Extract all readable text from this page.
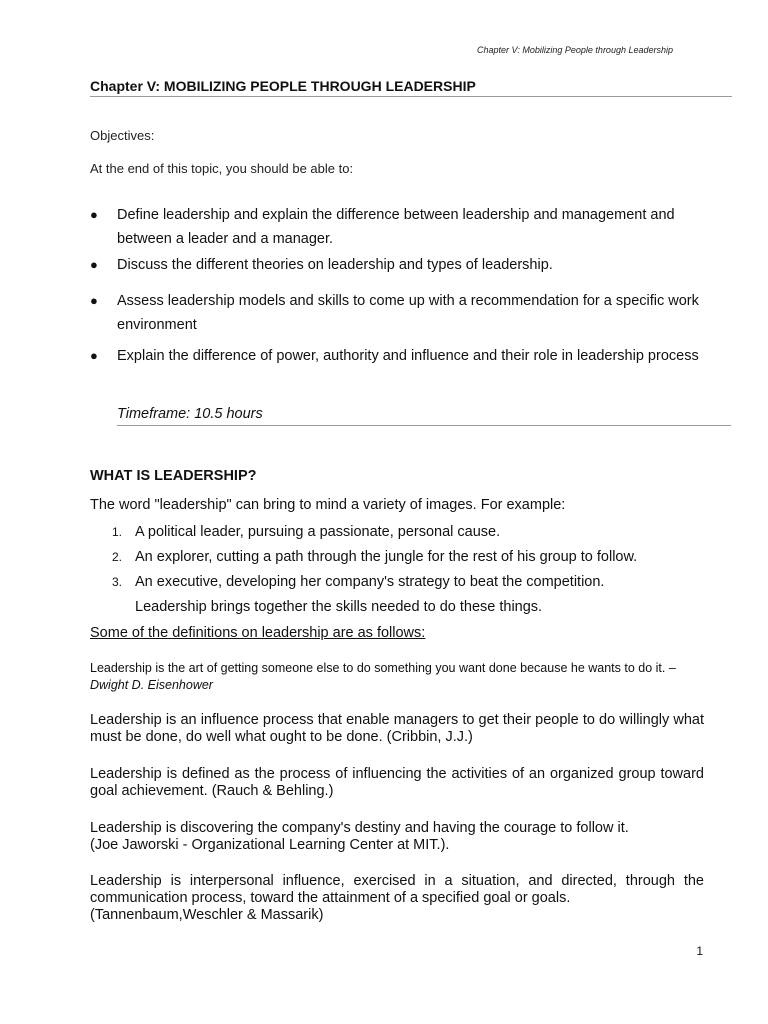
Chapter V: Mobilizing People through Leadership
Chapter V: MOBILIZING PEOPLE THROUGH LEADERSHIP
Objectives:
At the end of this topic, you should be able to:
● Define leadership and explain the difference between leadership and management and between a leader and a manager.
● Discuss the different theories on leadership and types of leadership.
● Assess leadership models and skills to come up with a recommendation for a specific work environment
● Explain the difference of power, authority and influence and their role in leadership process
Timeframe: 10.5 hours
WHAT IS LEADERSHIP?
The word "leadership" can bring to mind a variety of images. For example:
1. A political leader, pursuing a passionate, personal cause.
2. An explorer, cutting a path through the jungle for the rest of his group to follow.
3. An executive, developing her company's strategy to beat the competition.
Leadership brings together the skills needed to do these things.
Some of the definitions on leadership are as follows:
Leadership is the art of getting someone else to do something you want done because he wants to do it. – Dwight D. Eisenhower
Leadership is an influence process that enable managers to get their people to do willingly what must be done, do well what ought to be done. (Cribbin, J.J.)
Leadership is defined as the process of influencing the activities of an organized group toward goal achievement. (Rauch & Behling.)
Leadership is discovering the company's destiny and having the courage to follow it.
(Joe Jaworski - Organizational Learning Center at MIT.).
Leadership is interpersonal influence, exercised in a situation, and directed, through the communication process, toward the attainment of a specified goal or goals.
(Tannenbaum,Weschler & Massarik)
1
